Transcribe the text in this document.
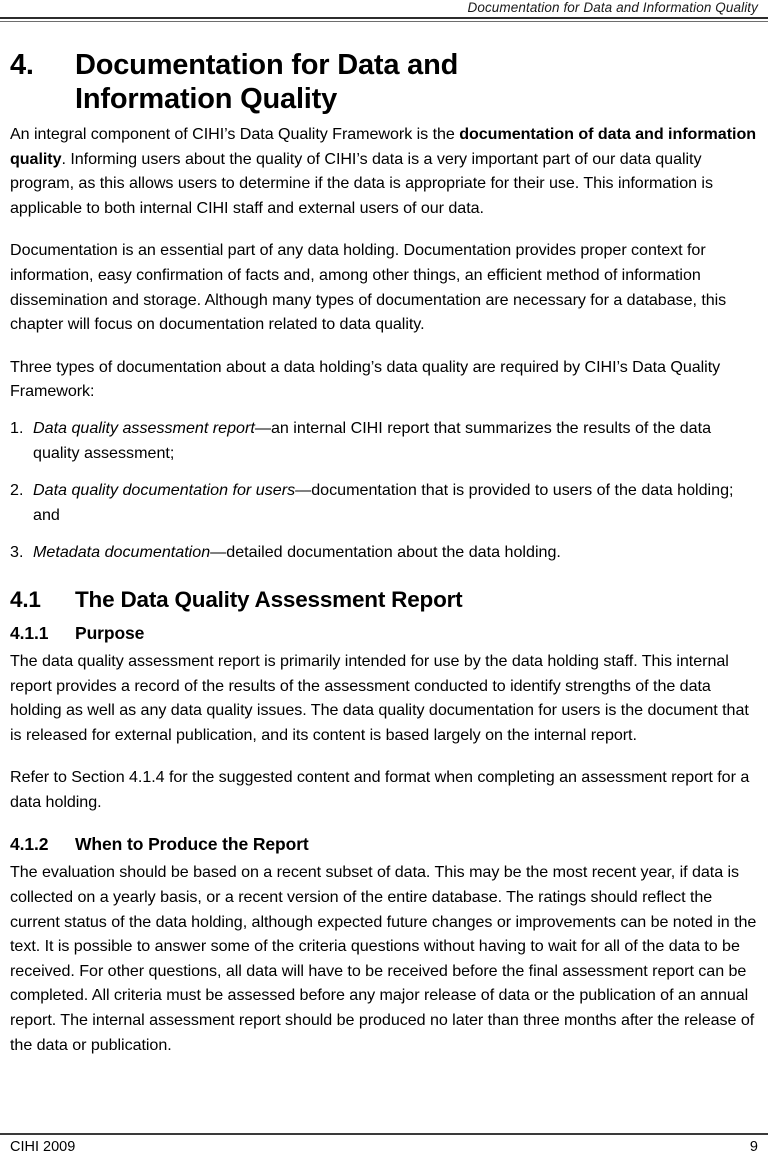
Documentation for Data and Information Quality
4.	Documentation for Data and
Information Quality

An integral component of CIHI’s Data Quality Framework is the documentation of data and information quality. Informing users about the quality of CIHI’s data is a very important part of our data quality program, as this allows users to determine if the data is appropriate for their use. This information is applicable to both internal CIHI staff and external users of our data.

Documentation is an essential part of any data holding. Documentation provides proper context for information, easy confirmation of facts and, among other things, an efficient method of information dissemination and storage. Although many types of documentation are necessary for a database, this chapter will focus on documentation related to data quality.

Three types of documentation about a data holding’s data quality are required by CIHI’s Data Quality Framework:

1. Data quality assessment report—an internal CIHI report that summarizes the results of the data quality assessment;
2. Data quality documentation for users—documentation that is provided to users of the data holding; and
3. Metadata documentation—detailed documentation about the data holding.
4.1	The Data Quality Assessment Report
4.1.1	Purpose

The data quality assessment report is primarily intended for use by the data holding staff. This internal report provides a record of the results of the assessment conducted to identify strengths of the data holding as well as any data quality issues. The data quality documentation for users is the document that is released for external publication, and its content is based largely on the internal report.

Refer to Section 4.1.4 for the suggested content and format when completing an assessment report for a data holding.

4.1.2	When to Produce the Report

The evaluation should be based on a recent subset of data. This may be the most recent year, if data is collected on a yearly basis, or a recent version of the entire database. The ratings should reflect the current status of the data holding, although expected future changes or improvements can be noted in the text. It is possible to answer some of the criteria questions without having to wait for all of the data to be received. For other questions, all data will have to be received before the final assessment report can be completed. All criteria must be assessed before any major release of data or the publication of an annual report. The internal assessment report should be produced no later than three months after the release of the data or publication.

CIHI 2009	9
